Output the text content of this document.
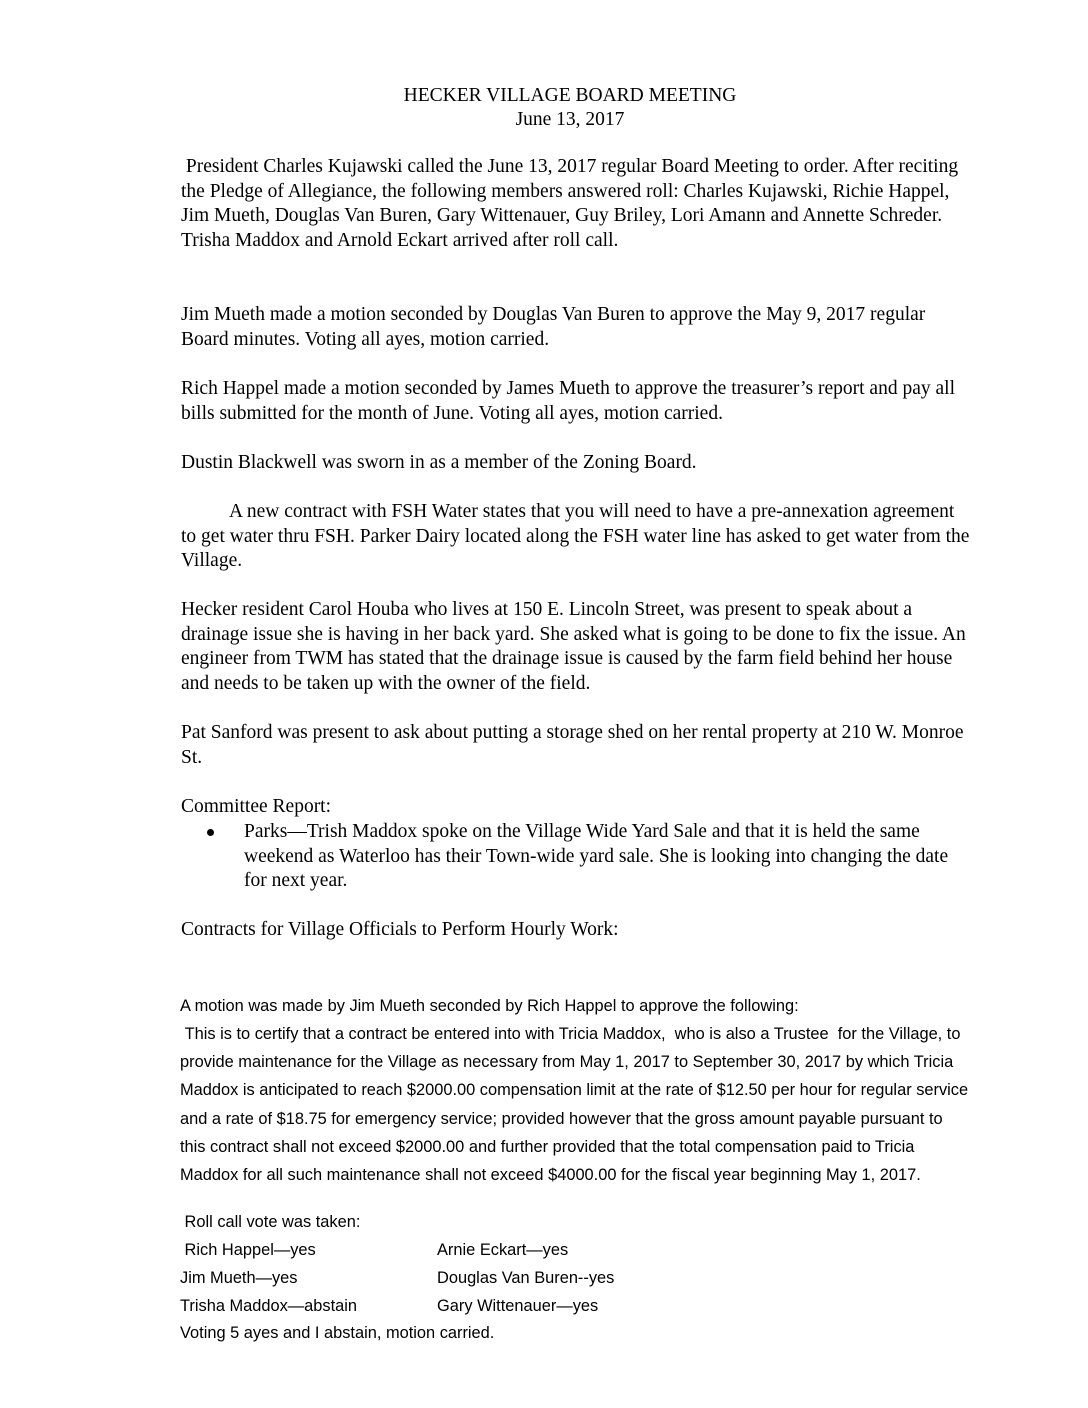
HECKER VILLAGE BOARD MEETING
June 13, 2017

President Charles Kujawski called the June 13, 2017 regular Board Meeting to order. After reciting the Pledge of Allegiance, the following members answered roll: Charles Kujawski, Richie Happel, Jim Mueth, Douglas Van Buren, Gary Wittenauer, Guy Briley, Lori Amann and Annette Schreder.  Trisha Maddox and Arnold Eckart arrived after roll call.

Jim Mueth made a motion seconded by Douglas Van Buren to approve the May 9, 2017 regular Board minutes. Voting all ayes, motion carried.

Rich Happel made a motion seconded by James Mueth to approve the treasurer’s report and pay all bills submitted for the month of June. Voting all ayes, motion carried.

Dustin Blackwell was sworn in as a member of the Zoning Board.

A new contract with FSH Water states that you will need to have a pre-annexation agreement to get water thru FSH. Parker Dairy located along the FSH water line has asked to get water from the Village.

Hecker resident Carol Houba who lives at 150 E. Lincoln Street, was present to speak about a drainage issue she is having in her back yard. She asked what is going to be done to fix the issue. An engineer from TWM has stated that the drainage issue is caused by the farm field behind her house and needs to be taken up with the owner of the field.

Pat Sanford was present to ask about putting a storage shed on her rental property at 210 W. Monroe St.

Committee Report:

Parks—Trish Maddox spoke on the Village Wide Yard Sale and that it is held the same weekend as Waterloo has their Town-wide yard sale. She is looking into changing the date for next year.

Contracts for Village Officials to Perform Hourly Work:

A motion was made by Jim Mueth seconded by Rich Happel to approve the following:
This is to certify that a contract be entered into with Tricia Maddox,  who is also a Trustee  for the Village, to provide maintenance for the Village as necessary from May 1, 2017 to September 30, 2017 by which Tricia Maddox is anticipated to reach $2000.00 compensation limit at the rate of $12.50 per hour for regular service and a rate of $18.75 for emergency service; provided however that the gross amount payable pursuant to this contract shall not exceed $2000.00 and further provided that the total compensation paid to Tricia Maddox for all such maintenance shall not exceed $4000.00 for the fiscal year beginning May 1, 2017.
Roll call vote was taken:
Rich Happel—yes	Arnie Eckart—yes
Jim Mueth—yes	Douglas Van Buren--yes
Trisha Maddox—abstain	Gary Wittenauer—yes
Voting 5 ayes and I abstain, motion carried.
